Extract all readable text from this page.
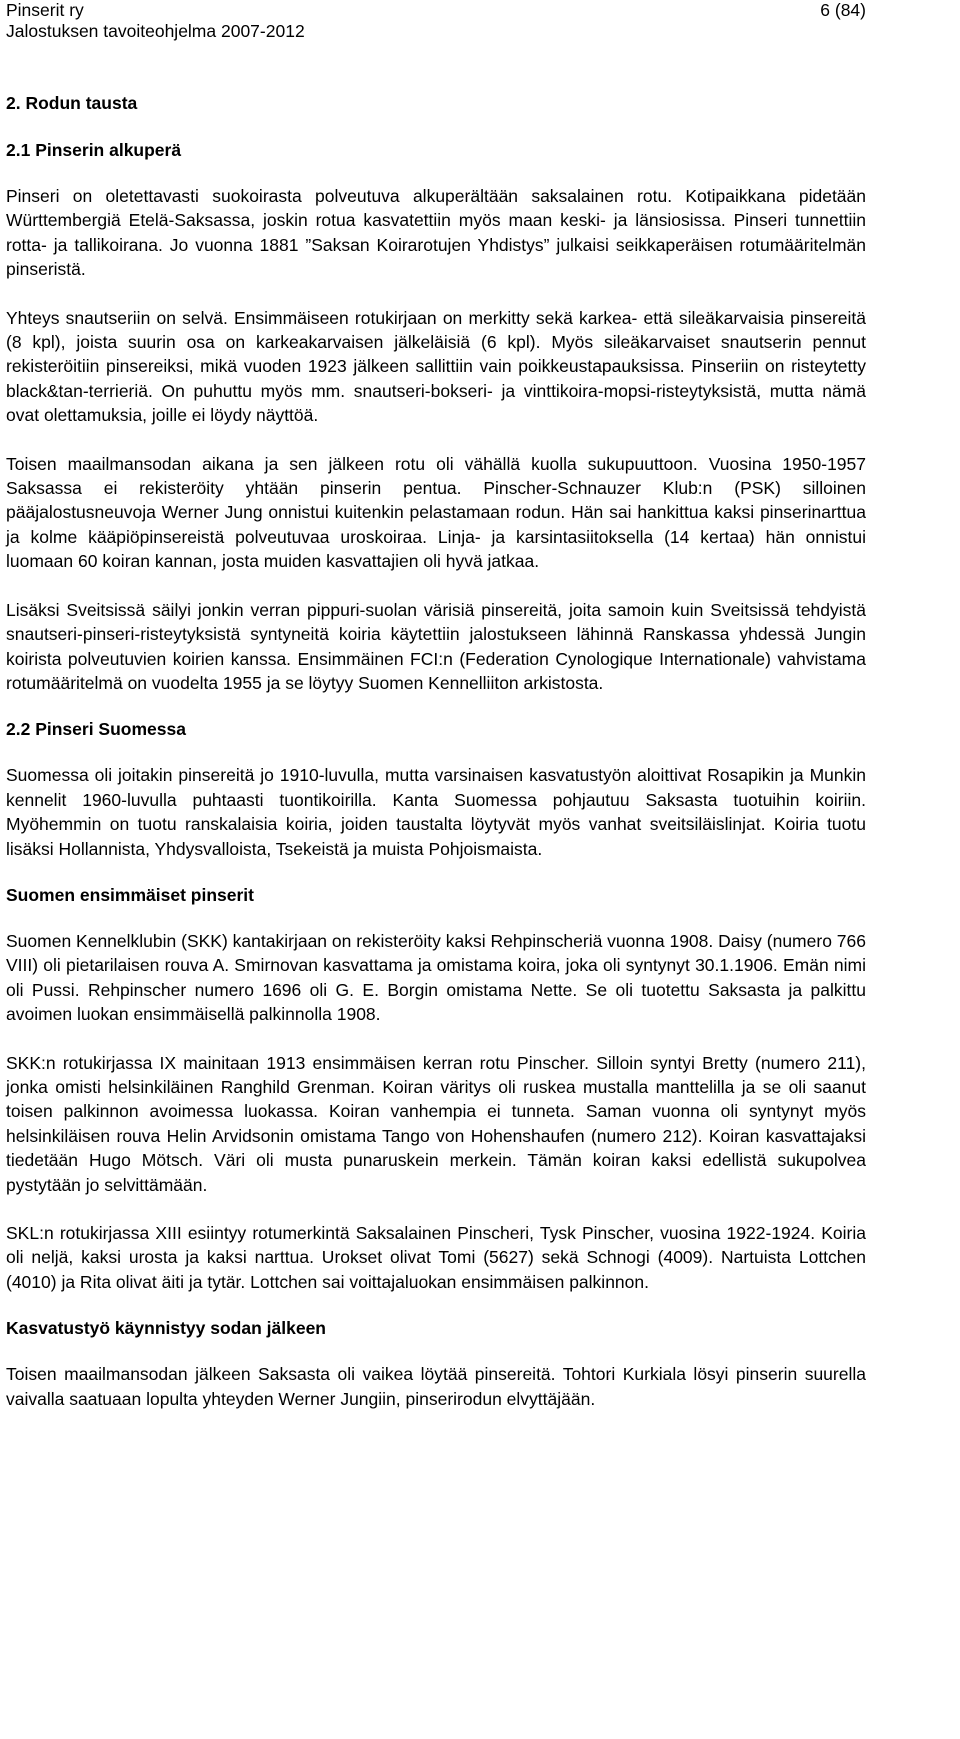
Pinserit ry
Jalostuksen tavoiteohjelma 2007-2012
6 (84)
2. Rodun tausta
2.1 Pinserin alkuperä

Pinseri on oletettavasti suokoirasta polveutuva alkuperältään saksalainen rotu. Kotipaikkana pidetään Württembergiä Etelä-Saksassa, joskin rotua kasvatettiin myös maan keski- ja länsiosissa. Pinseri tunnettiin rotta- ja tallikoirana. Jo vuonna 1881 ”Saksan Koirarotujen Yhdistys” julkaisi seikkaperäisen rotumääritelmän pinseristä.

Yhteys snautseriin on selvä. Ensimmäiseen rotukirjaan on merkitty sekä karkea- että sileäkarvaisia pinsereitä (8 kpl), joista suurin osa on karkeakarvaisen jälkeläisiä (6 kpl). Myös sileäkarvaiset snautserin pennut rekisteröitiin pinsereiksi, mikä vuoden 1923 jälkeen sallittiin vain poikkeustapauksissa. Pinseriin on risteytetty black&tan-terrieriä. On puhuttu myös mm. snautseri-bokseri- ja vinttikoira-mopsi-risteytyksistä, mutta nämä ovat olettamuksia, joille ei löydy näyttöä.

Toisen maailmansodan aikana ja sen jälkeen rotu oli vähällä kuolla sukupuuttoon. Vuosina 1950-1957 Saksassa ei rekisteröity yhtään pinserin pentua. Pinscher-Schnauzer Klub:n (PSK) silloinen pääjalostusneuvoja Werner Jung onnistui kuitenkin pelastamaan rodun. Hän sai hankittua kaksi pinserinarttua ja kolme kääpiöpinsereistä polveutuvaa uroskoiraa. Linja- ja karsintasiitoksella (14 kertaa) hän onnistui luomaan 60 koiran kannan, josta muiden kasvattajien oli hyvä jatkaa.

Lisäksi Sveitsissä säilyi jonkin verran pippuri-suolan värisiä pinsereitä, joita samoin kuin Sveitsissä tehdyistä snautseri-pinseri-risteytyksistä syntyneitä koiria käytettiin jalostukseen lähinnä Ranskassa yhdessä Jungin koirista polveutuvien koirien kanssa. Ensimmäinen FCI:n (Federation Cynologique Internationale) vahvistama rotumääritelmä on vuodelta 1955 ja se löytyy Suomen Kennelliiton arkistosta.

2.2 Pinseri Suomessa

Suomessa oli joitakin pinsereitä jo 1910-luvulla, mutta varsinaisen kasvatustyön aloittivat Rosapikin ja Munkin kennelit 1960-luvulla puhtaasti tuontikoirilla. Kanta Suomessa pohjautuu Saksasta tuotuihin koiriin. Myöhemmin on tuotu ranskalaisia koiria, joiden taustalta löytyvät myös vanhat sveitsiläislinjat. Koiria tuotu lisäksi Hollannista, Yhdysvalloista, Tsekeistä ja muista Pohjoismaista.

Suomen ensimmäiset pinserit

Suomen Kennelklubin (SKK) kantakirjaan on rekisteröity kaksi Rehpinscheriä vuonna 1908. Daisy (numero 766 VIII) oli pietarilaisen rouva A. Smirnovan kasvattama ja omistama koira, joka oli syntynyt 30.1.1906. Emän nimi oli Pussi. Rehpinscher numero 1696 oli G. E. Borgin omistama Nette. Se oli tuotettu Saksasta ja palkittu avoimen luokan ensimmäisellä palkinnolla 1908.

SKK:n rotukirjassa IX mainitaan 1913 ensimmäisen kerran rotu Pinscher. Silloin syntyi Bretty (numero 211), jonka omisti helsinkiläinen Ranghild Grenman. Koiran väritys oli ruskea mustalla manttelilla ja se oli saanut toisen palkinnon avoimessa luokassa. Koiran vanhempia ei tunneta. Saman vuonna oli syntynyt myös helsinkiläisen rouva Helin Arvidsonin omistama Tango von Hohenshaufen (numero 212). Koiran kasvattajaksi tiedetään Hugo Mötsch. Väri oli musta punaruskein merkein. Tämän koiran kaksi edellistä sukupolvea pystytään jo selvittämään.

SKL:n rotukirjassa XIII esiintyy rotumerkintä Saksalainen Pinscheri, Tysk Pinscher, vuosina 1922-1924. Koiria oli neljä, kaksi urosta ja kaksi narttua. Urokset olivat Tomi (5627) sekä Schnogi (4009). Nartuista Lottchen (4010) ja Rita olivat äiti ja tytär. Lottchen sai voittajaluokan ensimmäisen palkinnon.

Kasvatustyö käynnistyy sodan jälkeen

Toisen maailmansodan jälkeen Saksasta oli vaikea löytää pinsereitä. Tohtori Kurkiala lösyi pinserin suurella vaivalla saatuaan lopulta yhteyden Werner Jungiin, pinserirodun elvyttäjään.
